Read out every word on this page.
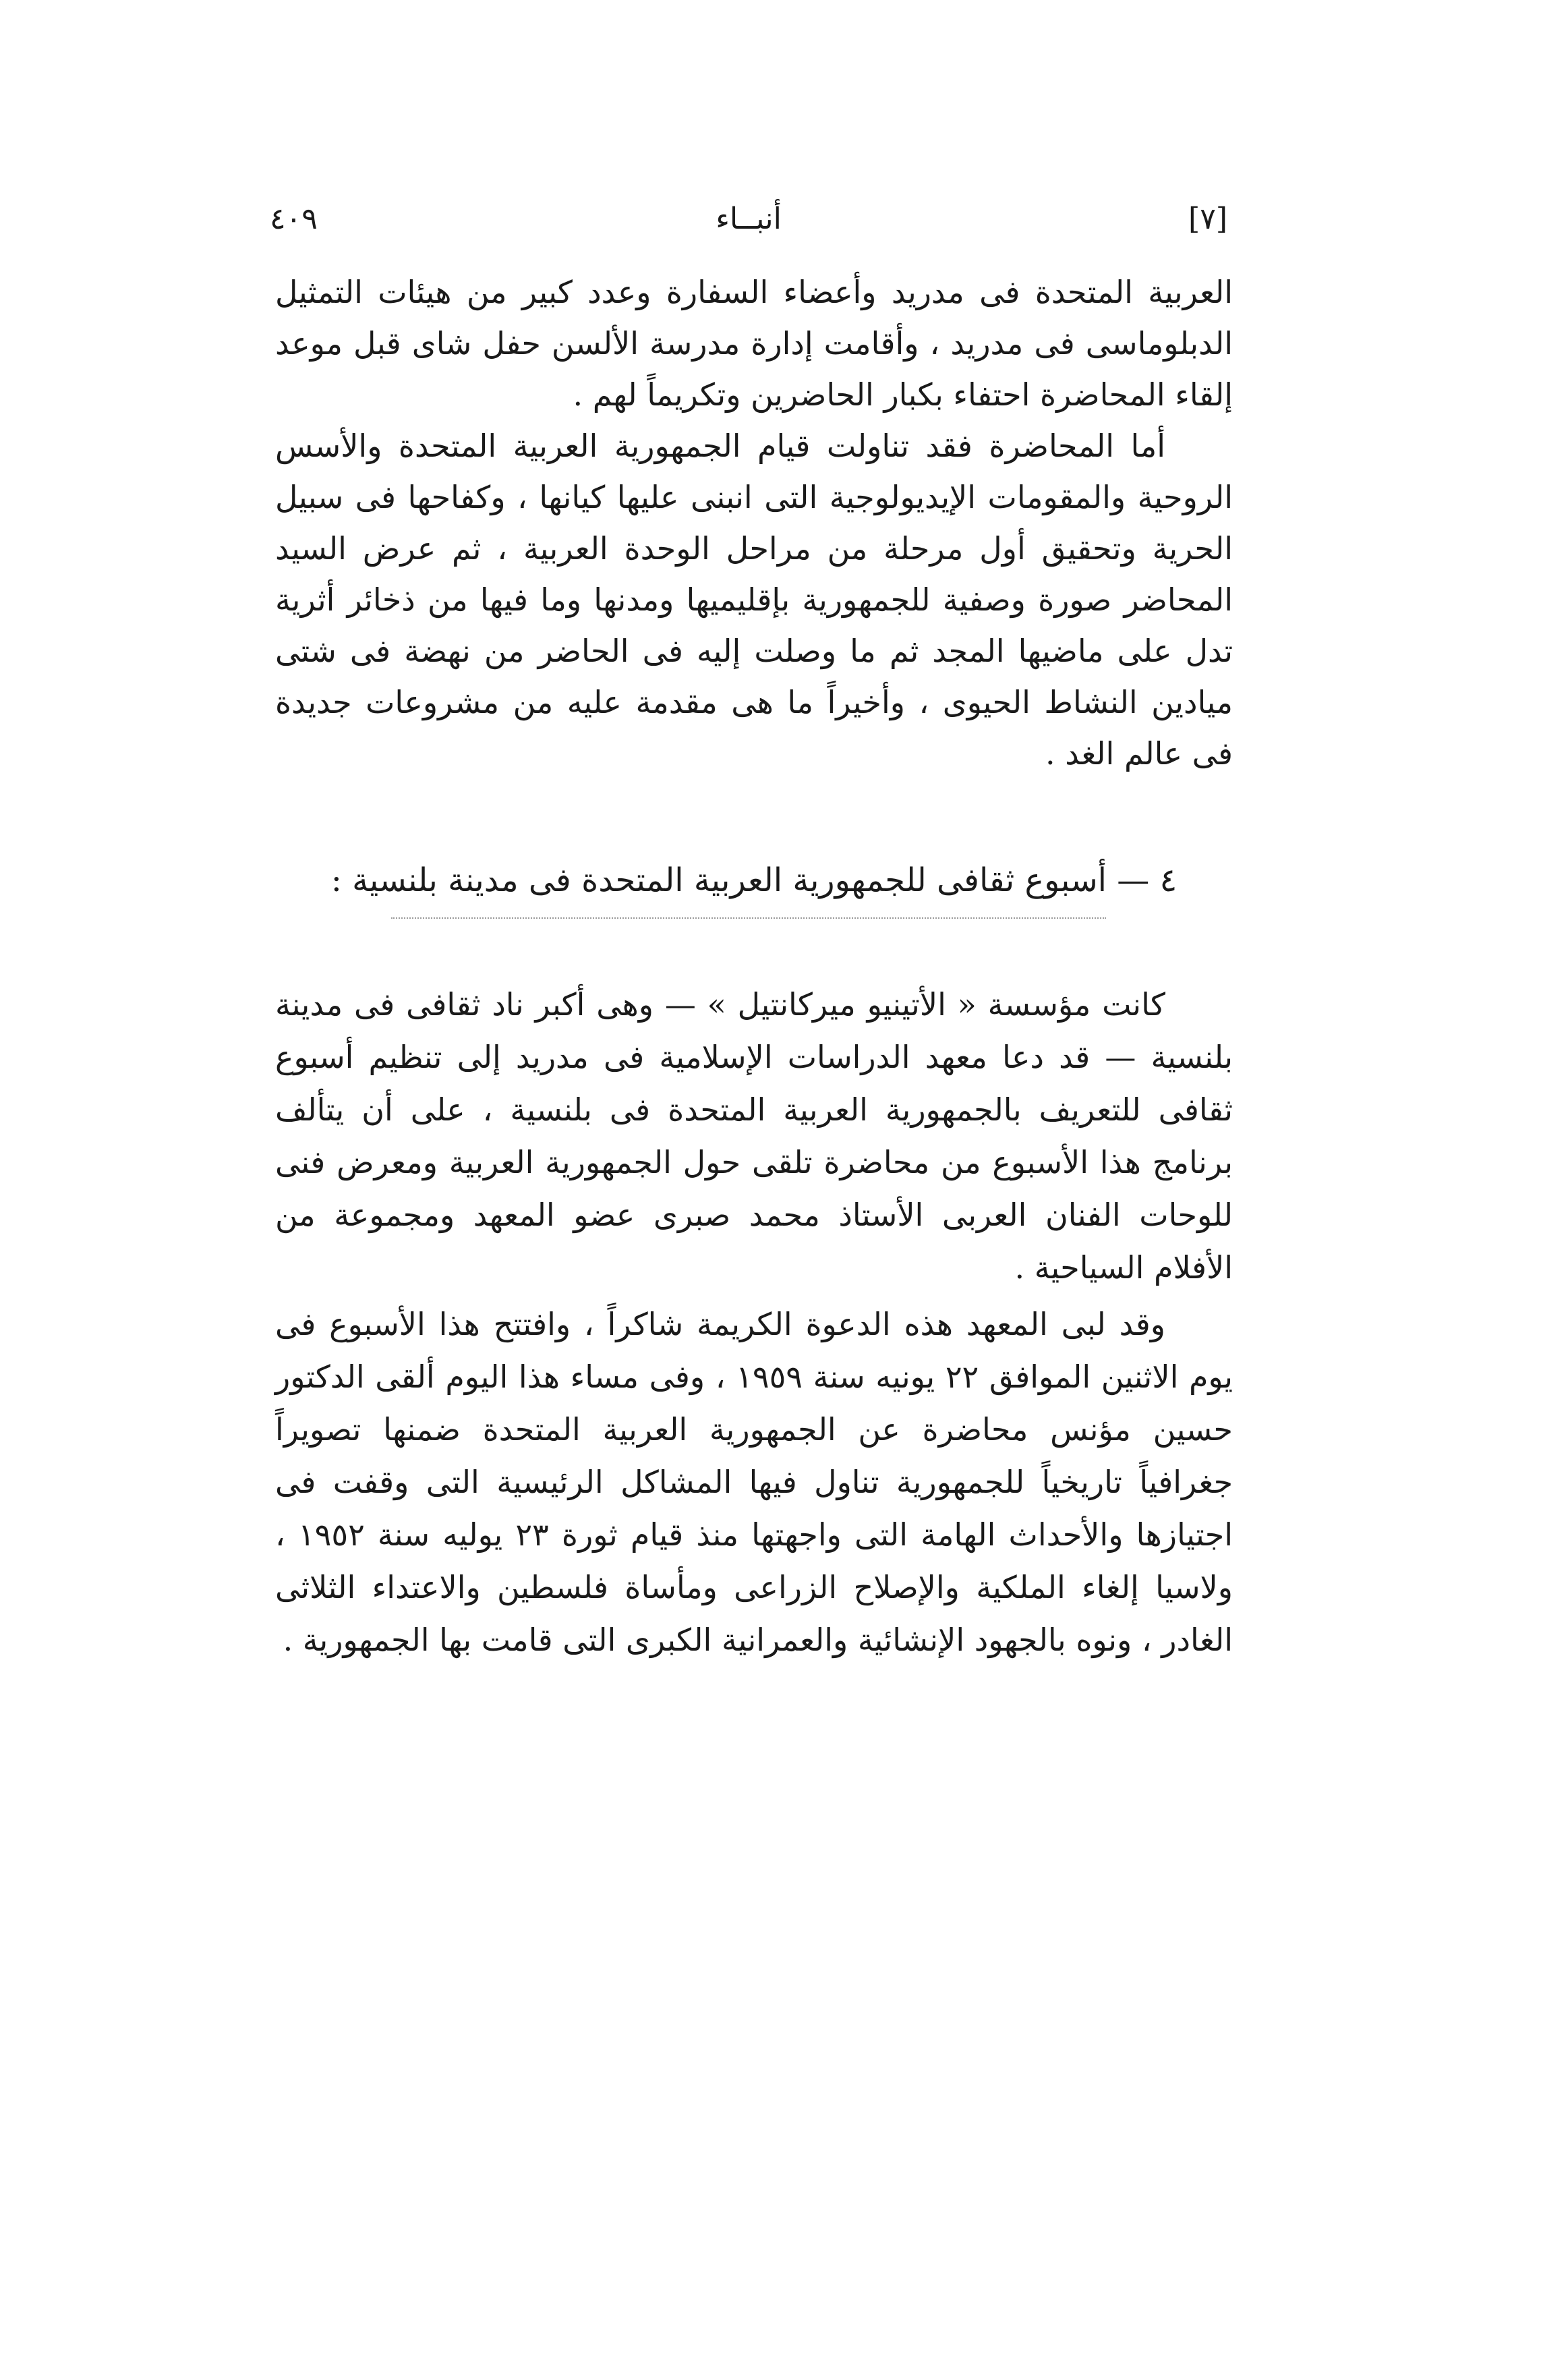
[٧]
أنبــاء
٤٠٩

العربية المتحدة فى مدريد وأعضاء السفارة وعدد كبير من هيئات التمثيل الدبلوماسى فى مدريد ، وأقامت إدارة مدرسة الألسن حفل شاى قبل موعد إلقاء المحاضرة احتفاء بكبار الحاضرين وتكريماً لهم .

أما المحاضرة فقد تناولت قيام الجمهورية العربية المتحدة والأسس الروحية والمقومات الإيديولوجية التى انبنى عليها كيانها ، وكفاحها فى سبيل الحرية وتحقيق أول مرحلة من مراحل الوحدة العربية ، ثم عرض السيد المحاضر صورة وصفية للجمهورية بإقليميها ومدنها وما فيها من ذخائر أثرية تدل على ماضيها المجد ثم ما وصلت إليه فى الحاضر من نهضة فى شتى ميادين النشاط الحيوى ، وأخيراً ما هى مقدمة عليه من مشروعات جديدة فى عالم الغد .

٤ — أسبوع ثقافى للجمهورية العربية المتحدة فى مدينة بلنسية :

كانت مؤسسة « الأتينيو ميركانتيل » — وهى أكبر ناد ثقافى فى مدينة بلنسية — قد دعا معهد الدراسات الإسلامية فى مدريد إلى تنظيم أسبوع ثقافى للتعريف بالجمهورية العربية المتحدة فى بلنسية ، على أن يتألف برنامج هذا الأسبوع من محاضرة تلقى حول الجمهورية العربية ومعرض فنى للوحات الفنان العربى الأستاذ محمد صبرى عضو المعهد ومجموعة من الأفلام السياحية .

وقد لبى المعهد هذه الدعوة الكريمة شاكراً ، وافتتح هذا الأسبوع فى يوم الاثنين الموافق ٢٢ يونيه سنة ١٩٥٩ ، وفى مساء هذا اليوم ألقى الدكتور حسين مؤنس محاضرة عن الجمهورية العربية المتحدة ضمنها تصويراً جغرافياً تاريخياً للجمهورية تناول فيها المشاكل الرئيسية التى وقفت فى اجتيازها والأحداث الهامة التى واجهتها منذ قيام ثورة ٢٣ يوليه سنة ١٩٥٢ ، ولاسيا إلغاء الملكية والإصلاح الزراعى ومأساة فلسطين والاعتداء الثلاثى الغادر ، ونوه بالجهود الإنشائية والعمرانية الكبرى التى قامت بها الجمهورية .
